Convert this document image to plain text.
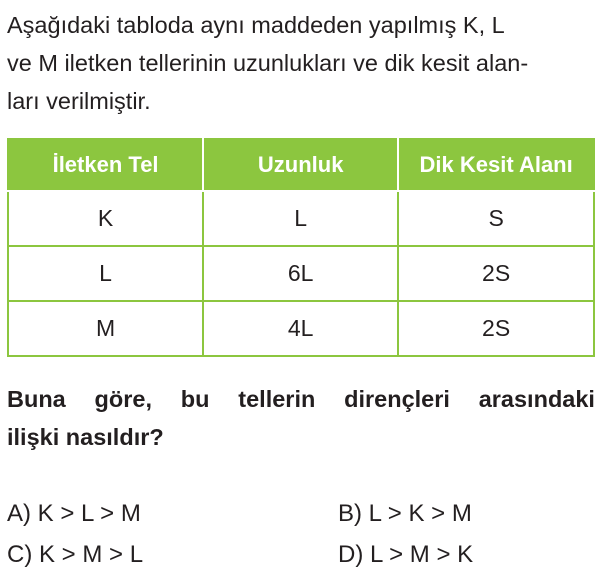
Aşağıdaki tabloda aynı maddeden yapılmış K, L
ve M iletken tellerinin uzunlukları ve dik kesit alan-
ları verilmiştir.
İletken Tel	Uzunluk	Dik Kesit Alanı
K	L	S
L	6L	2S
M	4L	2S
Buna göre, bu tellerin dirençleri arasındaki
ilişki nasıldır?
A) K > L > M	B) L > K > M
C) K > M > L	D) L > M > K
